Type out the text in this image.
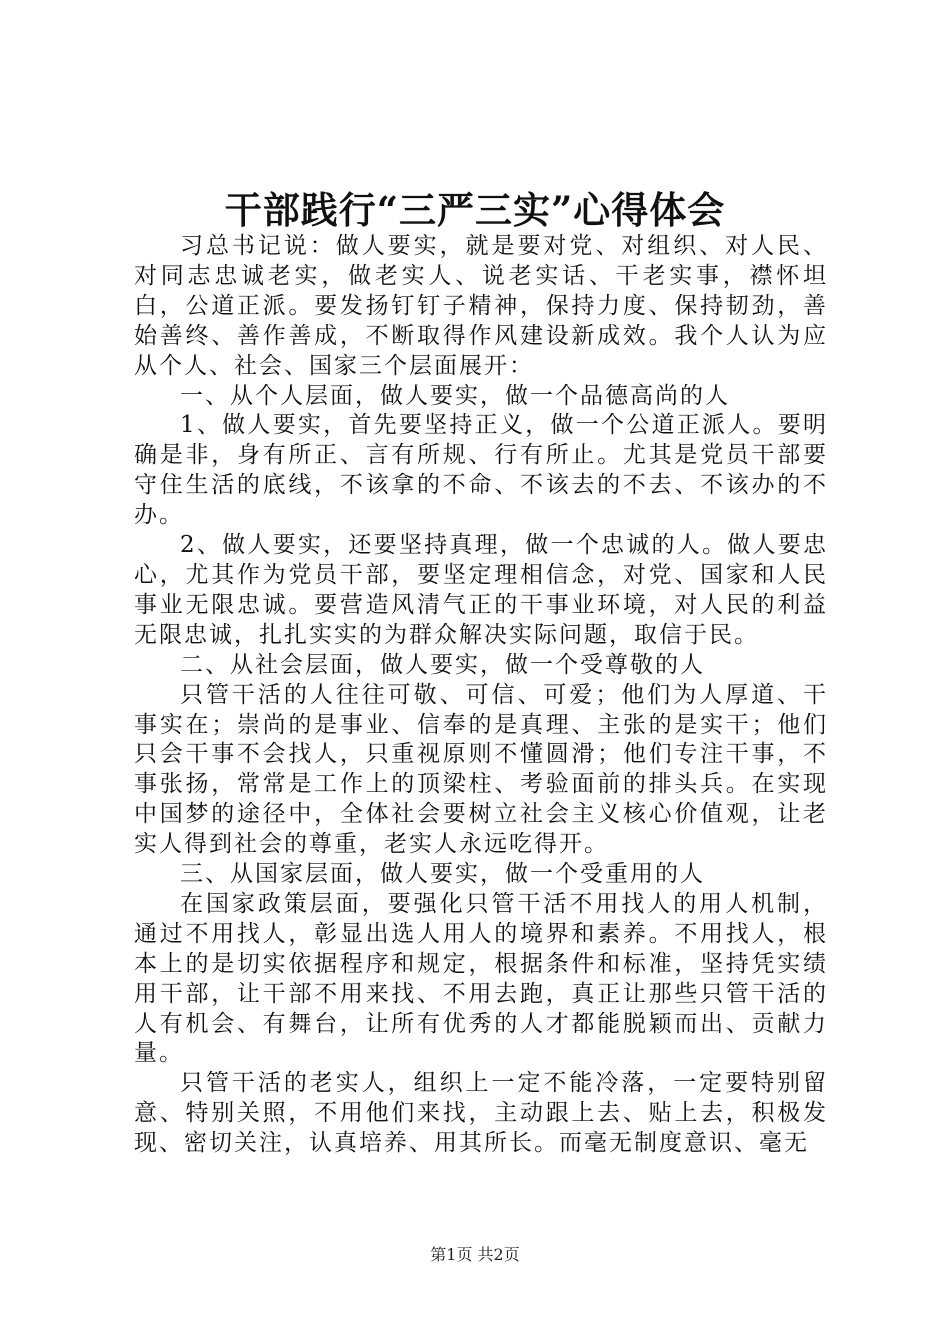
干部践行“三严三实”心得体会

习总书记说：做人要实，就是要对党、对组织、对人民、对同志忠诚老实，做老实人、说老实话、干老实事，襟怀坦白，公道正派。要发扬钉钉子精神，保持力度、保持韧劲，善始善终、善作善成，不断取得作风建设新成效。我个人认为应从个人、社会、国家三个层面展开：

一、从个人层面，做人要实，做一个品德高尚的人

1、做人要实，首先要坚持正义，做一个公道正派人。要明确是非，身有所正、言有所规、行有所止。尤其是党员干部要守住生活的底线，不该拿的不命、不该去的不去、不该办的不办。

2、做人要实，还要坚持真理，做一个忠诚的人。做人要忠心，尤其作为党员干部，要坚定理相信念，对党、国家和人民事业无限忠诚。要营造风清气正的干事业环境，对人民的利益无限忠诚，扎扎实实的为群众解决实际问题，取信于民。

二、从社会层面，做人要实，做一个受尊敬的人

只管干活的人往往可敬、可信、可爱；他们为人厚道、干事实在；崇尚的是事业、信奉的是真理、主张的是实干；他们只会干事不会找人，只重视原则不懂圆滑；他们专注干事，不事张扬，常常是工作上的顶梁柱、考验面前的排头兵。在实现中国梦的途径中，全体社会要树立社会主义核心价值观，让老实人得到社会的尊重，老实人永远吃得开。

三、从国家层面，做人要实，做一个受重用的人

在国家政策层面，要强化只管干活不用找人的用人机制，通过不用找人，彰显出选人用人的境界和素养。不用找人，根本上的是切实依据程序和规定，根据条件和标准，坚持凭实绩用干部，让干部不用来找、不用去跑，真正让那些只管干活的人有机会、有舞台，让所有优秀的人才都能脱颖而出、贡献力量。

只管干活的老实人，组织上一定不能冷落，一定要特别留意、特别关照，不用他们来找，主动跟上去、贴上去，积极发现、密切关注，认真培养、用其所长。而毫无制度意识、毫无

第1页 共2页
